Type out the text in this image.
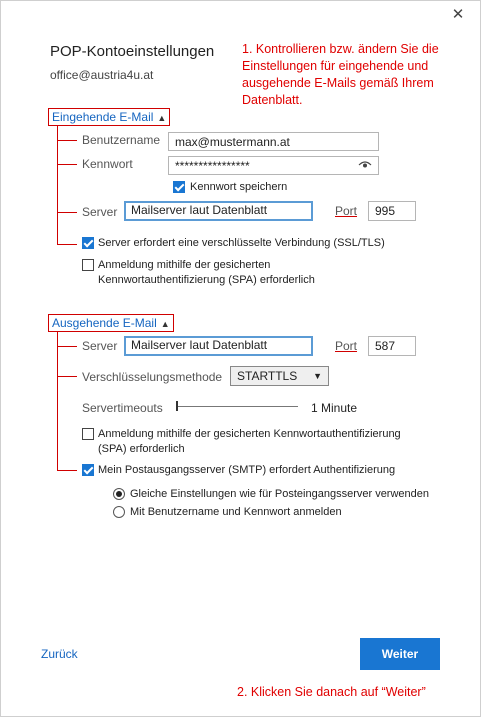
✕
POP-Kontoeinstellungen
office@austria4u.at
1. Kontrollieren bzw. ändern Sie die Einstellungen für eingehende und ausgehende E-Mails gemäß Ihrem Datenblatt.
Eingehende E-Mail ▲
Benutzername	max@mustermann.at
Kennwort	****************
Kennwort speichern
Server	Mailserver laut Datenblatt	Port	995
Server erfordert eine verschlüsselte Verbindung (SSL/TLS)
Anmeldung mithilfe der gesicherten
Kennwortauthentifizierung (SPA) erforderlich
Ausgehende E-Mail ▲
Server	Mailserver laut Datenblatt	Port	587
Verschlüsselungsmethode	STARTTLS ▼
Servertimeouts	1 Minute
Anmeldung mithilfe der gesicherten Kennwortauthentifizierung
(SPA) erforderlich
Mein Postausgangsserver (SMTP) erfordert Authentifizierung
Gleiche Einstellungen wie für Posteingangsserver verwenden
Mit Benutzername und Kennwort anmelden
Zurück	Weiter
2. Klicken Sie danach auf “Weiter”
